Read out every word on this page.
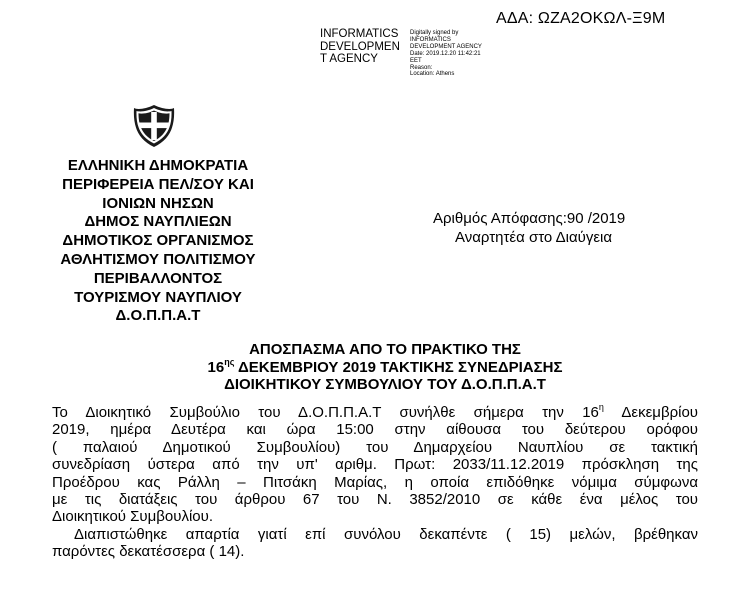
ΑΔΑ: ΩΖΑ2ΟΚΩΛ-Ξ9Μ
INFORMATICS
DEVELOPMEN
T AGENCY
Digitally signed by
INFORMATICS
DEVELOPMENT AGENCY
Date: 2019.12.20 11:42:21
EET
Reason:
Location: Athens
ΕΛΛΗΝΙΚΗ ΔΗΜΟΚΡΑΤΙΑ
ΠΕΡΙΦΕΡΕΙΑ ΠΕΛ/ΣΟΥ ΚΑΙ
ΙΟΝΙΩΝ ΝΗΣΩΝ
ΔΗΜΟΣ ΝΑΥΠΛΙΕΩΝ
ΔΗΜΟΤΙΚΟΣ ΟΡΓΑΝΙΣΜΟΣ
ΑΘΛΗΤΙΣΜΟΥ ΠΟΛΙΤΙΣΜΟΥ
ΠΕΡΙΒΑΛΛΟΝΤΟΣ
ΤΟΥΡΙΣΜΟΥ ΝΑΥΠΛΙΟΥ
Δ.Ο.Π.Π.Α.Τ
Αριθμός Απόφασης:90 /2019
Αναρτητέα στο Διαύγεια
ΑΠΟΣΠΑΣΜΑ ΑΠΟ ΤΟ ΠΡΑΚΤΙΚΟ ΤΗΣ
$16^{\eta\varsigma}$ ΔΕΚΕΜΒΡΙΟΥ 2019 ΤΑΚΤΙΚΗΣ ΣΥΝΕΔΡΙΑΣΗΣ
ΔΙΟΙΚΗΤΙΚΟΥ ΣΥΜΒΟΥΛΙΟΥ ΤΟΥ Δ.Ο.Π.Π.Α.Τ

Το Διοικητικό Συμβούλιο του Δ.Ο.Π.Π.Α.Τ συνήλθε σήμερα την $16^\eta$ Δεκεμβρίου

2019, ημέρα Δευτέρα και ώρα 15:00 στην αίθουσα του δεύτερου ορόφου

( παλαιού Δημοτικού Συμβουλίου) του Δημαρχείου Ναυπλίου σε τακτική

συνεδρίαση ύστερα από την υπ' αριθμ. Πρωτ: 2033/11.12.2019 πρόσκληση της

Προέδρου κας Ράλλη – Πιτσάκη Μαρίας, η οποία επιδόθηκε νόμιμα σύμφωνα

με τις διατάξεις του άρθρου 67 του Ν. 3852/2010 σε κάθε ένα μέλος του

Διοικητικού Συμβουλίου.

Διαπιστώθηκε απαρτία γιατί επί συνόλου δεκαπέντε ( 15) μελών, βρέθηκαν

παρόντες δεκατέσσερα ( 14).
